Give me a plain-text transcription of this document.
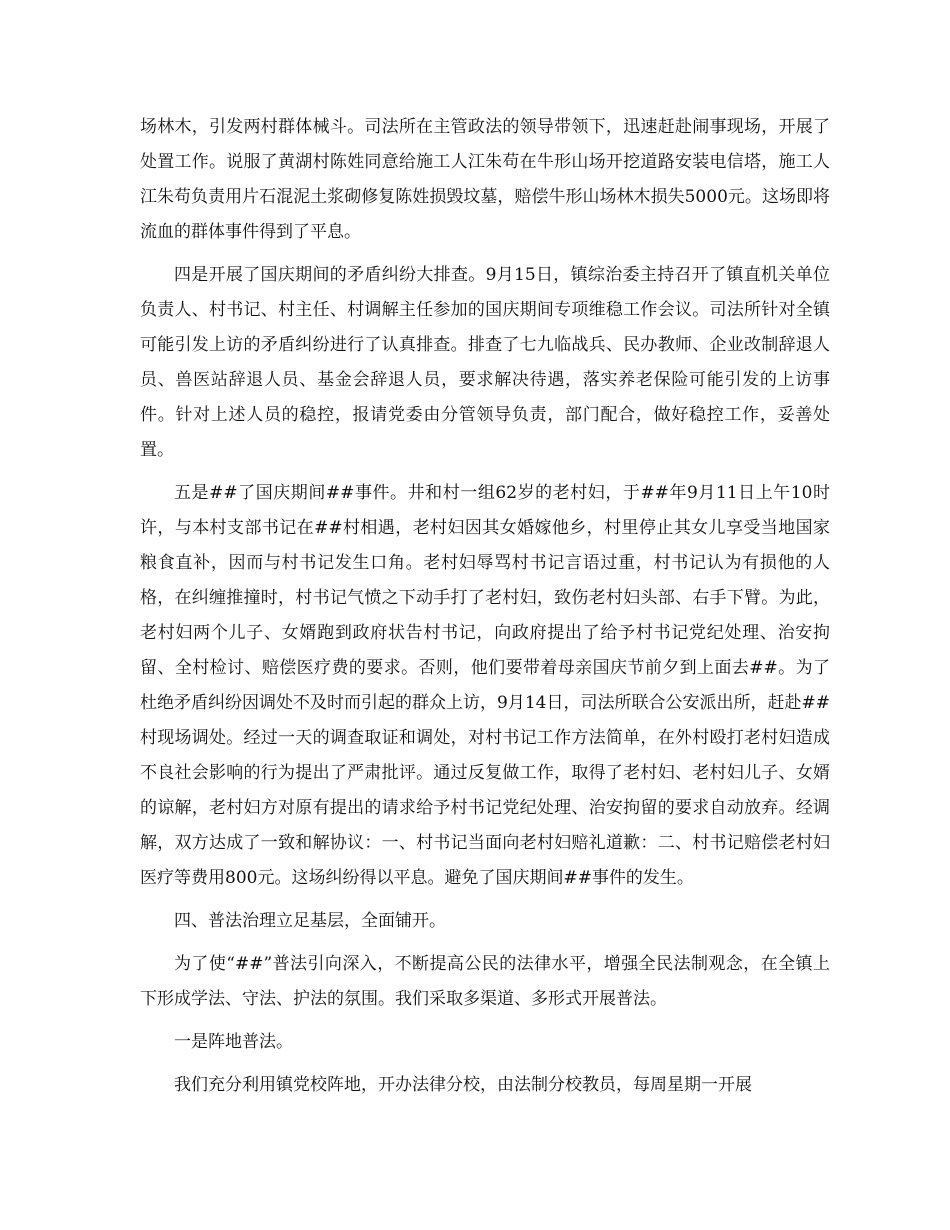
场林木，引发两村群体械斗。司法所在主管政法的领导带领下，迅速赶赴闹事现场，开展了处置工作。说服了黄湖村陈姓同意给施工人江朱苟在牛形山场开挖道路安装电信塔，施工人江朱苟负责用片石混泥土浆砌修复陈姓损毁坟墓，赔偿牛形山场林木损失5000元。这场即将流血的群体事件得到了平息。

四是开展了国庆期间的矛盾纠纷大排查。9月15日，镇综治委主持召开了镇直机关单位负责人、村书记、村主任、村调解主任参加的国庆期间专项维稳工作会议。司法所针对全镇可能引发上访的矛盾纠纷进行了认真排查。排查了七九临战兵、民办教师、企业改制辞退人员、兽医站辞退人员、基金会辞退人员，要求解决待遇，落实养老保险可能引发的上访事件。针对上述人员的稳控，报请党委由分管领导负责，部门配合，做好稳控工作，妥善处置。

五是##了国庆期间##事件。井和村一组62岁的老村妇，于##年9月11日上午10时许，与本村支部书记在##村相遇，老村妇因其女婚嫁他乡，村里停止其女儿享受当地国家粮食直补，因而与村书记发生口角。老村妇辱骂村书记言语过重，村书记认为有损他的人格，在纠缠推撞时，村书记气愤之下动手打了老村妇，致伤老村妇头部、右手下臂。为此，老村妇两个儿子、女婿跑到政府状告村书记，向政府提出了给予村书记党纪处理、治安拘留、全村检讨、赔偿医疗费的要求。否则，他们要带着母亲国庆节前夕到上面去##。为了杜绝矛盾纠纷因调处不及时而引起的群众上访，9月14日，司法所联合公安派出所，赶赴##村现场调处。经过一天的调查取证和调处，对村书记工作方法简单，在外村殴打老村妇造成不良社会影响的行为提出了严肃批评。通过反复做工作，取得了老村妇、老村妇儿子、女婿的谅解，老村妇方对原有提出的请求给予村书记党纪处理、治安拘留的要求自动放弃。经调解，双方达成了一致和解协议：一、村书记当面向老村妇赔礼道歉：二、村书记赔偿老村妇医疗等费用800元。这场纠纷得以平息。避免了国庆期间##事件的发生。

四、普法治理立足基层，全面铺开。

为了使“##”普法引向深入，不断提高公民的法律水平，增强全民法制观念，在全镇上下形成学法、守法、护法的氛围。我们采取多渠道、多形式开展普法。

一是阵地普法。

我们充分利用镇党校阵地，开办法律分校，由法制分校教员，每周星期一开展
